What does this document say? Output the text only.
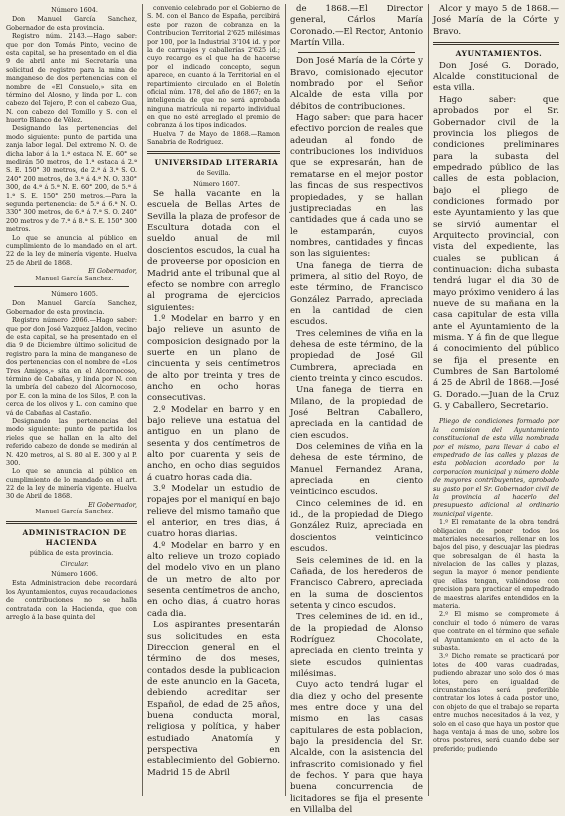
Número 1604.

Don Manuel García Sanchez, Gobernador de esta provincia.

Registro núm. 2143.—Hago saber: que por don Tomás Pinto, vecino de esta capital, se ha presentado en el dia 9 de abril ante mi Secretaría una solicitud de registro para la mina de manganeso de dos pertenencias con el nombre de «El Consuelo,» sita en término del Alosno, y linda por L. con cabezo del Tejero, P. con el cabezo Gua, N. con cabezo del Tomillo y S. con el huerto Blanco de Vélez.

Designando las pertenencias del modo siguiente: punto de partida una zanja labor legal. Del extremo N. O. de dicha labor á la 1.ª estaca N. E. 60° se medirán 50 metros, de 1.ª estaca á 2.ª S. E. 150° 30 metros, de 2.ª á 3.ª S. O. 240° 200 metros, de 3.ª á 4.ª N. O. 330° 300, de 4.ª á 5.ª N. E. 60° 200, de 5.ª á 1.ª S. E. 150° 250 metros.—Para la segunda pertenencia: de 5.ª á 6.ª N. O. 330° 300 metros, de 6.ª á 7.ª S. O. 240° 200 metros y de 7.ª á 8.ª S. E. 150° 300 metros.

Lo que se anuncia al público en cumplimiento de lo mandado en el art. 22 de la ley de minería vigente. Huelva 25 de Abril de 1868.

El Gobernador,

Manuel García Sanchez.

Número 1605.

Don Manuel García Sanchez, Gobernador de esta provincia.

Registro número 2066.—Hago saber: que por don José Vazquez Jaldon, vecino de esta capital, se ha presentado en el dia 9 de Diciembre último solicitud de registro para la mina de manganeso de dos pertenencias con el nombre de «Los Tres Amigos,» sita en el Alcornocoso, término de Cabañas, y linda por N. con la umbría del cabezo del Alcornocoso, por E. con la mina de los Silos, P. con la cerca de los olivos y L. con camino que vá de Cabañas al Castaño.

Designando las pertenencias del modo siguiente: punto de partida los rieles que se hallan en la alto del referido cabezo de donde se medirán al N. 420 metros, al S. 80 al E. 300 y al P. 300.

Lo que se anuncia al público en cumplimiento de lo mandado en el art. 22 de la ley de minería vigente. Huelva 30 de Abril de 1868.

El Gobernador,

Manuel García Sanchez.

ADMINISTRACION DE HACIENDA

pública de esta provincia.

Circular.

Número 1606.

Esta Administracion debe recordará los Ayuntamientos, cuyas recaudaciones de contribuciones no se halla contratada con la Hacienda, que con arreglo á la base quinta del

convenio celebrado por el Gobierno de S. M. con el Banco de España, percibirá este por razon de cobranza en la Contribucion Territorial 2'625 milésimas por 100, por la Industrial 3'104 id. y por la de carruajes y caballerías 2'625 id.; cuyo recargo es el que ha de hacerse por el indicado concepto, segun aparece, en cuanto á la Territorial en el repartimiento circulado en el Boletín oficial núm. 178, del año de 1867; en la inteligencia de que no será aprobada ninguna matrícula ni reparto individual en que no esté arreglado el premio de cobranza á los tipos indicados.

Huelva 7 de Mayo de 1868.—Ramon Sanabria de Rodriguez.

UNIVERSIDAD LITERARIA

de Sevilla.

Número 1607.

Se halla vacante en la escuela de Bellas Artes de Sevilla la plaza de profesor de Escultura dotada con el sueldo anual de mil doscientos escudos, la cual ha de proveerse por oposicion en Madrid ante el tribunal que al efecto se nombre con arreglo al programa de ejercicios siguientes:

1.º Modelar en barro y en bajo relieve un asunto de composicion designado por la suerte en un plano de cincuenta y seis centímetros de alto por treinta y tres de ancho en ocho horas consecutivas.

2.º Modelar en barro y en bajo relieve una estatua del antiguo en un plano de sesenta y dos centímetros de alto por cuarenta y seis de ancho, en ocho dias seguidos á cuatro horas cada dia.

3.º Modelar un estudio de ropajes por el maniquí en bajo relieve del mismo tamaño que el anterior, en tres dias, á cuatro horas diarias.

4.º Modelar en barro y en alto relieve un trozo copiado del modelo vivo en un plano de un metro de alto por sesenta centímetros de ancho, en ocho dias, á cuatro horas cada dia.

Los aspirantes presentarán sus solicitudes en esta Direccion general en el término de dos meses, contados desde la publicacion de este anuncio en la Gaceta, debiendo acreditar ser Español, de edad de 25 años, buena conducta moral, religiosa y política, y haber estudiado Anatomía y perspectiva en establecimiento del Gobierno. Madrid 15 de Abril

de 1868.—El Director general, Cárlos María Coronado.—El Rector, Antonio Martín Villa.

Don José María de la Córte y Bravo, comisionado ejecutor nombrado por el Señor Alcalde de esta villa por débitos de contribuciones.

Hago saber: que para hacer efectivo porcion de reales que adeudan al fondo de contribuciones los individuos que se expresarán, han de rematarse en el mejor postor las fincas de sus respectivos propiedades, y se hallan justipreciadas en las cantidades que á cada uno se le estamparán, cuyos nombres, cantidades y fincas son las siguientes:

Una fanega de tierra de primera, al sitio del Royo, de este término, de Francisco González Parrado, apreciada en la cantidad de cien escudos.

Tres celemines de viña en la dehesa de este término, de la propiedad de José Gil Cumbrera, apreciada en ciento treinta y cinco escudos.

Una fanega de tierra en Milano, de la propiedad de José Beltran Caballero, apreciada en la cantidad de cien escudos.

Dos celemines de viña en la dehesa de este término, de Manuel Fernandez Arana, apreciada en ciento veinticinco escudos.

Cinco celemines de id. en id., de la propiedad de Diego González Ruiz, apreciada en doscientos veinticinco escudos.

Seis celemines de id. en la Cañada, de los herederos de Francisco Cabrero, apreciada en la suma de doscientos setenta y cinco escudos.

Tres celemines de id. en id., de la propiedad de Alonso Rodríguez Chocolate, apreciada en ciento treinta y siete escudos quinientas milésimas.

Cuyo acto tendrá lugar el dia diez y ocho del presente mes entre doce y una del mismo en las casas capitulares de esta poblacion, bajo la presidencia del Sr. Alcalde, con la asistencia del infrascrito comisionado y fiel de fechos. Y para que haya buena concurrencia de licitadores se fija el presente en Villalba del

Alcor y mayo 5 de 1868.—José María de la Córte y Bravo.

AYUNTAMIENTOS.

Don José G. Dorado, Alcalde constitucional de esta villa.

Hago saber: que aprobados por el Sr. Gobernador civil de la provincia los pliegos de condiciones preliminares para la subasta del empedrado público de las calles de esta poblacion, bajo el pliego de condiciones formado por este Ayuntamiento y las que se sirvió aumentar el Arquitecto provincial, con vista del expediente, las cuales se publican á continuacion: dicha subasta tendrá lugar el dia 30 de mayo próximo venidero á las nueve de su mañana en la casa capitular de esta villa ante el Ayuntamiento de la misma. Y á fin de que llegue á conocimiento del público se fija el presente en Cumbres de San Bartolomé á 25 de Abril de 1868.—José G. Dorado.—Juan de la Cruz G. y Caballero, Secretario.

Pliego de condiciones formado por la comision del Ayuntamiento constitucional de esta villa nombrada por el mismo, para llevar á cabo el empedrado de las calles y plazas de esta poblacion acordado por la corporacion municipal y número doble de mayores contribuyentes, aprobado su gasto por el Sr. Gobernador civil de la provincia al hacerlo del presupuesto adicional al ordinario municipal vigente.

1.º El rematante de la obra tendrá obligacion de poner todos los materiales necesarios, rellenar en los bajos del piso, y descuajar las piedras que sobresalgan de él hasta la nivelacion de las calles y plazas, segun la mayor ó menor pendiente que ellas tengan, valiéndose con precision para practicar el empedrado de maestras alarifes entendidos en la materia.

2.º El mismo se compromete á concluir el todo ó número de varas que contrate en el término que señale el Ayuntamiento en el acto de la subasta.

3.º Dicho remate se practicará por lotes de 400 varas cuadradas, pudiendo abrazar uno solo dos ó mas lotes, pero en igualdad de circunstancias será preferible contratar los lotes á cada postor uno, con objeto de que el trabajo se reparta entre muchos necesitados á la vez, y solo en el caso que haya un postor que haga ventaja á mas de uno, sobre los otros postores, será cuando debe ser preferido; pudiendo
